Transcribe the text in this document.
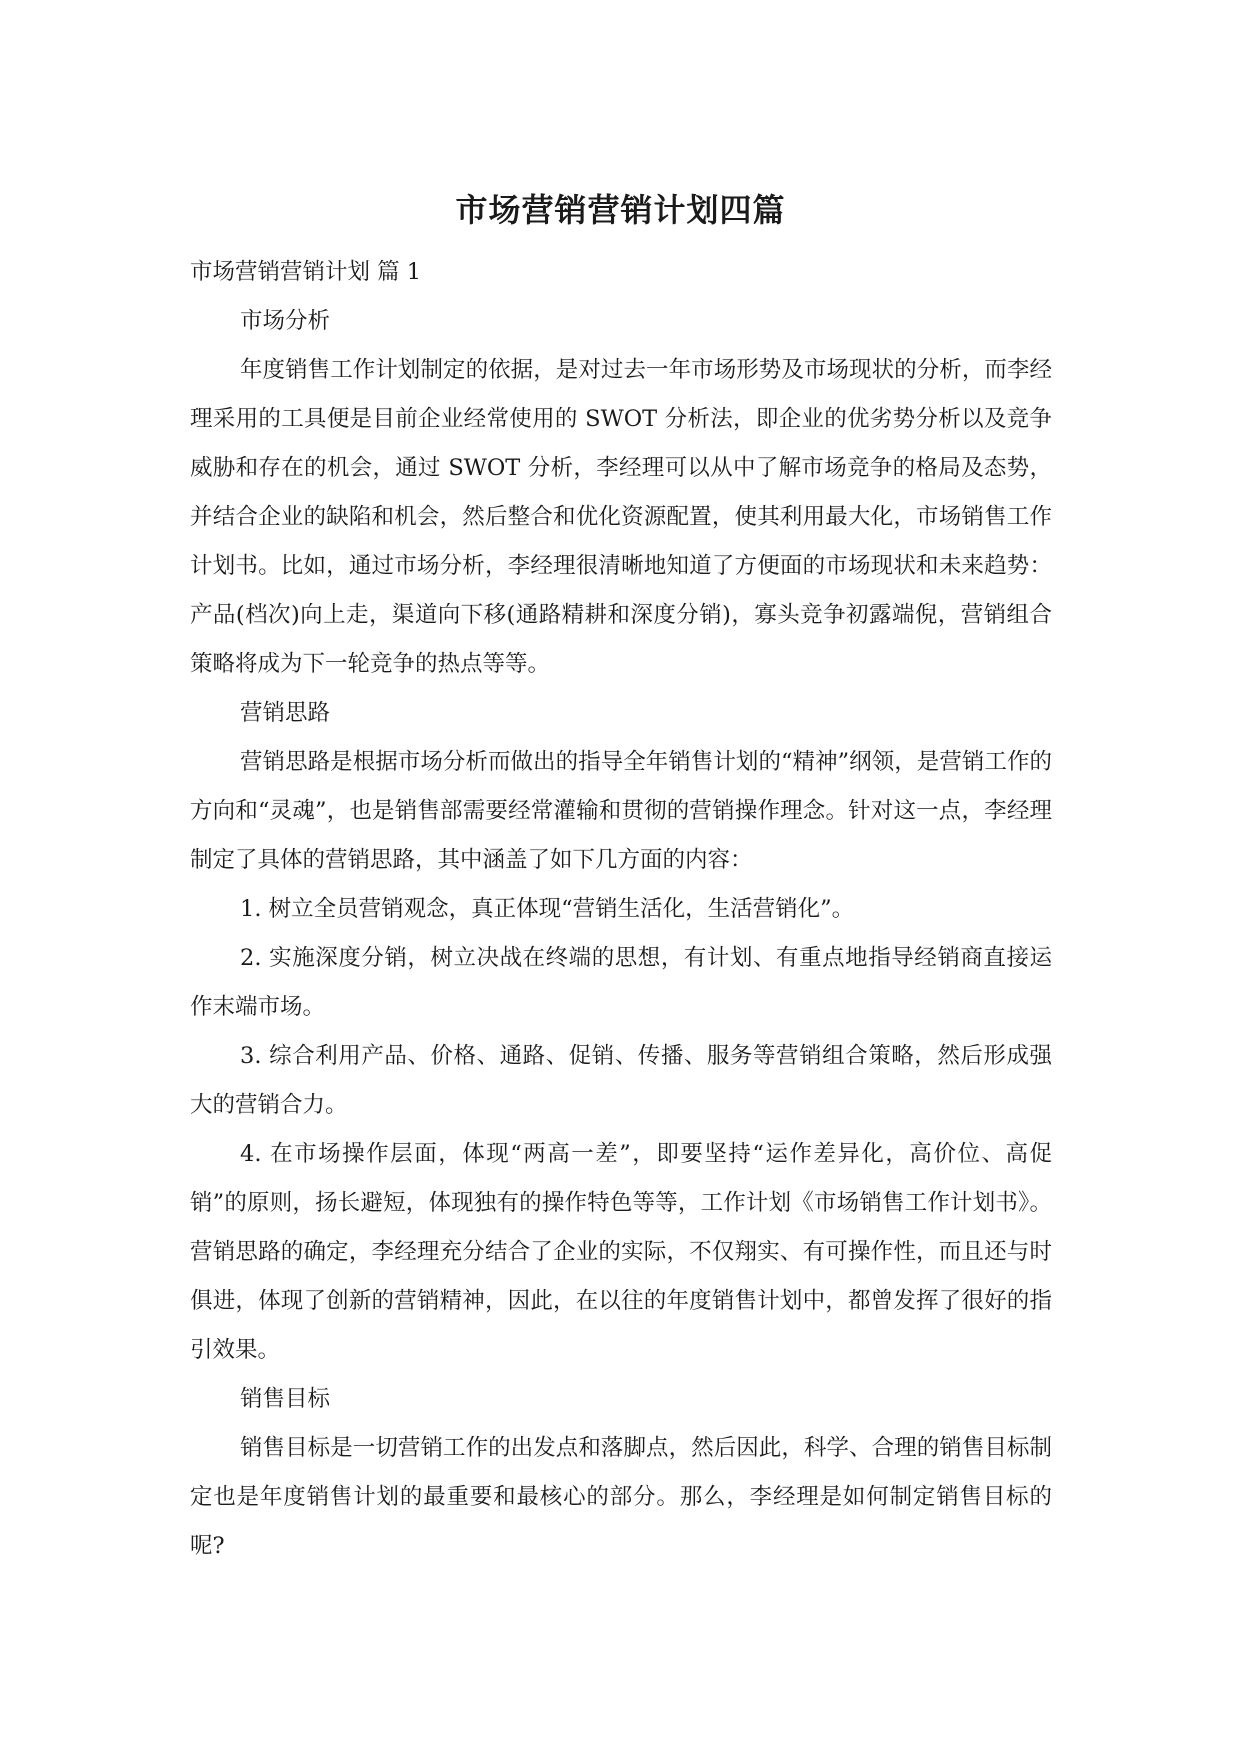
市场营销营销计划四篇

市场营销营销计划 篇 1

市场分析

年度销售工作计划制定的依据，是对过去一年市场形势及市场现状的分析，而李经理采用的工具便是目前企业经常使用的 SWOT 分析法，即企业的优劣势分析以及竞争威胁和存在的机会，通过 SWOT 分析，李经理可以从中了解市场竞争的格局及态势，并结合企业的缺陷和机会，然后整合和优化资源配置，使其利用最大化，市场销售工作计划书。比如，通过市场分析，李经理很清晰地知道了方便面的市场现状和未来趋势：产品(档次)向上走，渠道向下移(通路精耕和深度分销)，寡头竞争初露端倪，营销组合策略将成为下一轮竞争的热点等等。

营销思路

营销思路是根据市场分析而做出的指导全年销售计划的“精神”纲领，是营销工作的方向和“灵魂”，也是销售部需要经常灌输和贯彻的营销操作理念。针对这一点，李经理制定了具体的营销思路，其中涵盖了如下几方面的内容：

1. 树立全员营销观念，真正体现“营销生活化，生活营销化”。

2. 实施深度分销，树立决战在终端的思想，有计划、有重点地指导经销商直接运作末端市场。

3. 综合利用产品、价格、通路、促销、传播、服务等营销组合策略，然后形成强大的营销合力。

4. 在市场操作层面，体现“两高一差”，即要坚持“运作差异化，高价位、高促销”的原则，扬长避短，体现独有的操作特色等等，工作计划《市场销售工作计划书》。营销思路的确定，李经理充分结合了企业的实际，不仅翔实、有可操作性，而且还与时俱进，体现了创新的营销精神，因此，在以往的年度销售计划中，都曾发挥了很好的指引效果。

销售目标

销售目标是一切营销工作的出发点和落脚点，然后因此，科学、合理的销售目标制定也是年度销售计划的最重要和最核心的部分。那么，李经理是如何制定销售目标的呢?
